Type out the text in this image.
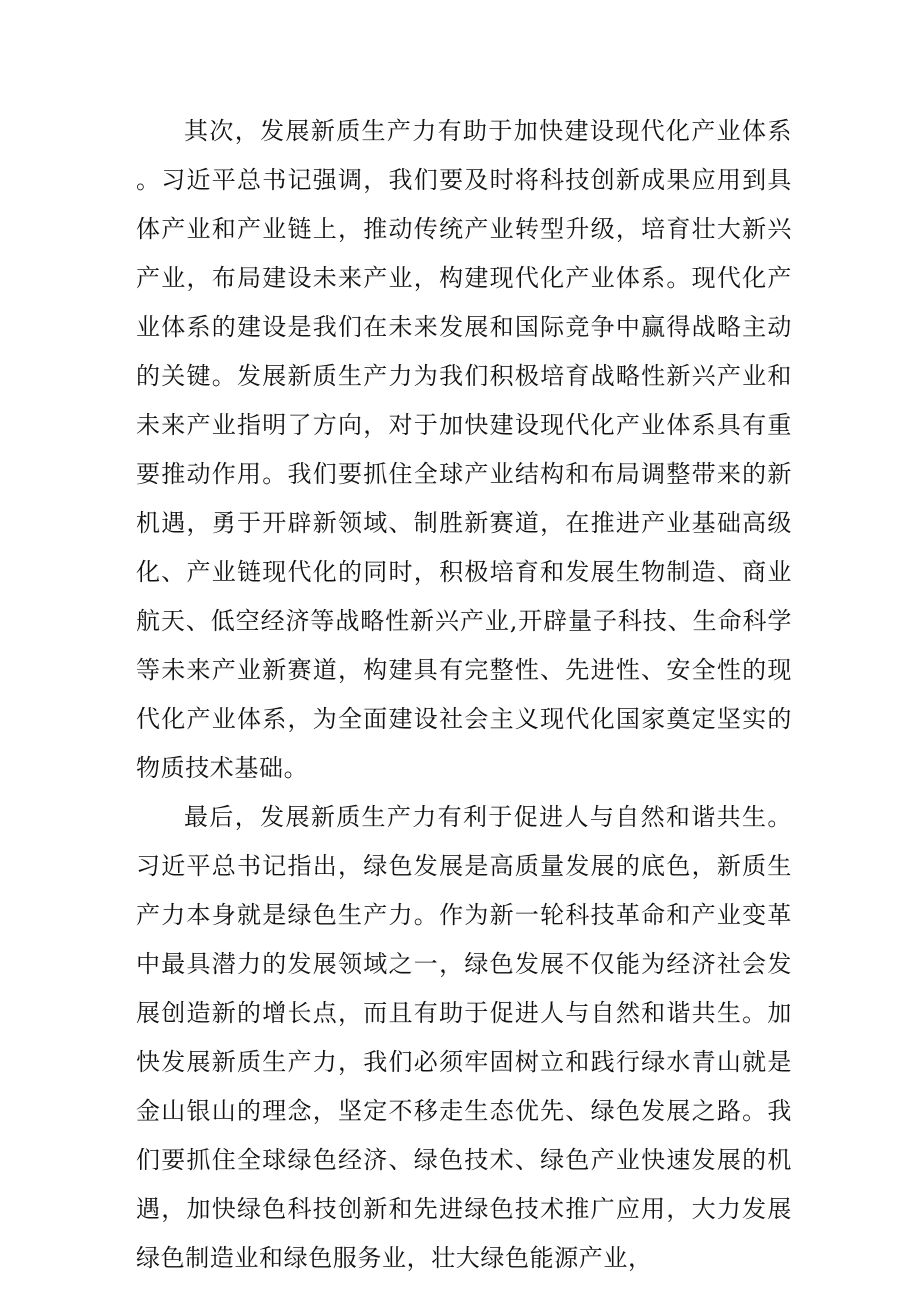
其次，发展新质生产力有助于加快建设现代化产业体系。习近平总书记强调，我们要及时将科技创新成果应用到具体产业和产业链上，推动传统产业转型升级，培育壮大新兴产业，布局建设未来产业，构建现代化产业体系。现代化产业体系的建设是我们在未来发展和国际竞争中赢得战略主动的关键。发展新质生产力为我们积极培育战略性新兴产业和未来产业指明了方向，对于加快建设现代化产业体系具有重要推动作用。我们要抓住全球产业结构和布局调整带来的新机遇，勇于开辟新领域、制胜新赛道，在推进产业基础高级化、产业链现代化的同时，积极培育和发展生物制造、商业航天、低空经济等战略性新兴产业,开辟量子科技、生命科学等未来产业新赛道，构建具有完整性、先进性、安全性的现代化产业体系，为全面建设社会主义现代化国家奠定坚实的物质技术基础。

最后，发展新质生产力有利于促进人与自然和谐共生。习近平总书记指出，绿色发展是高质量发展的底色，新质生产力本身就是绿色生产力。作为新一轮科技革命和产业变革中最具潜力的发展领域之一，绿色发展不仅能为经济社会发展创造新的增长点，而且有助于促进人与自然和谐共生。加快发展新质生产力，我们必须牢固树立和践行绿水青山就是金山银山的理念，坚定不移走生态优先、绿色发展之路。我们要抓住全球绿色经济、绿色技术、绿色产业快速发展的机遇，加快绿色科技创新和先进绿色技术推广应用，大力发展绿色制造业和绿色服务业，壮大绿色能源产业，
